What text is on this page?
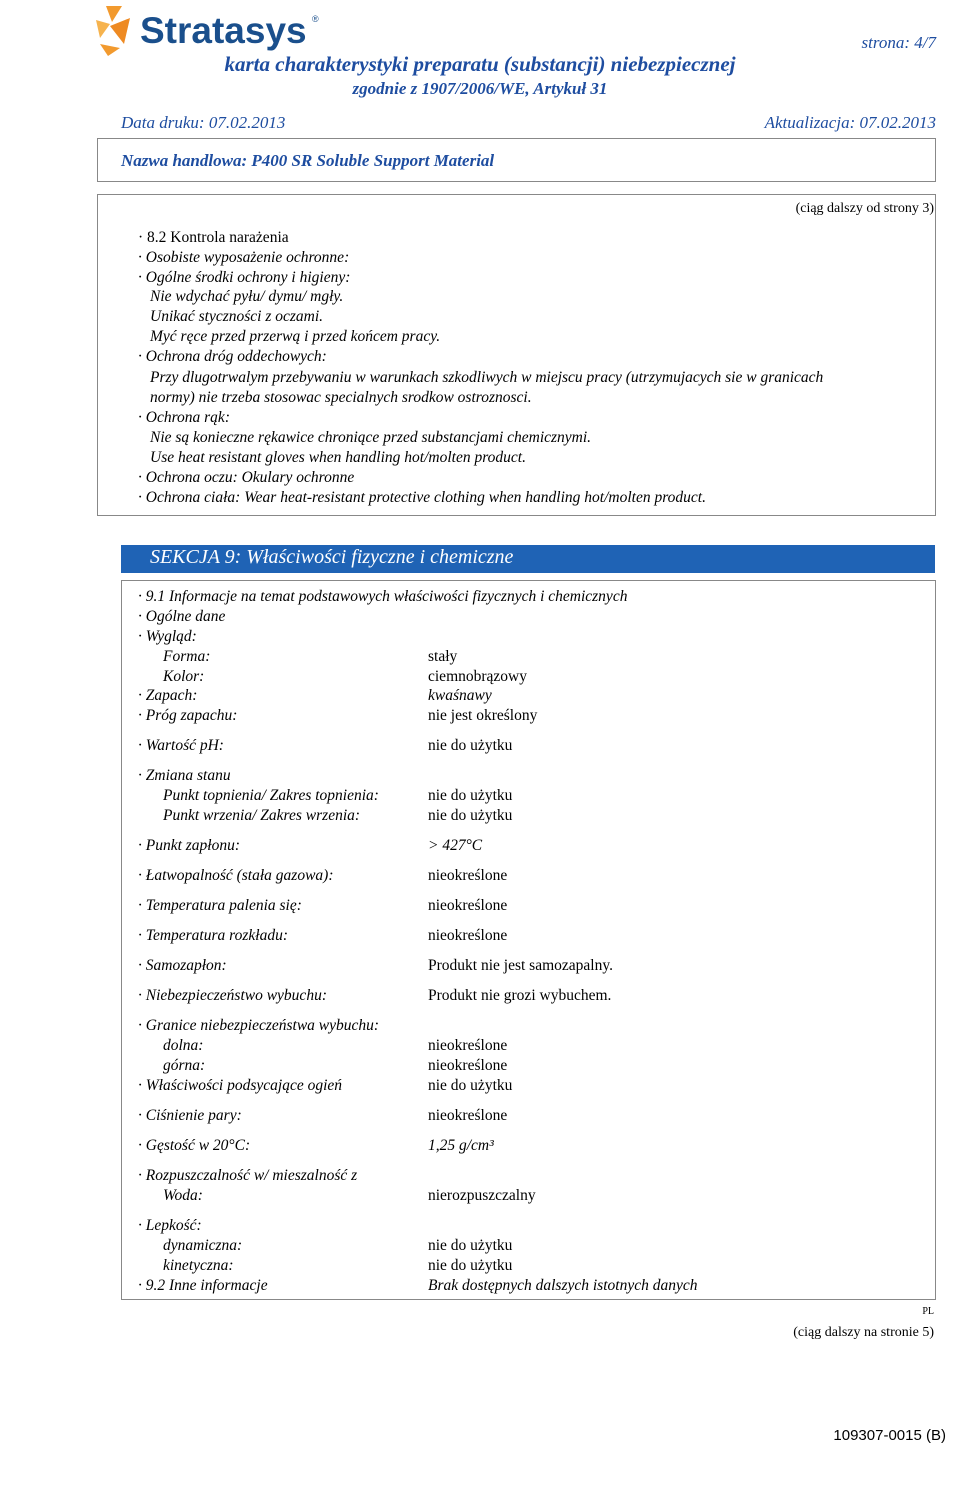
Stratasys ®
strona: 4/7
karta charakterystyki preparatu (substancji) niebezpiecznej
zgodnie z 1907/2006/WE, Artykuł 31
Data druku: 07.02.2013	Aktualizacja: 07.02.2013
Nazwa handlowa: P400 SR Soluble Support Material
(ciąg dalszy od strony 3)
· 8.2 Kontrola narażenia
· Osobiste wyposażenie ochronne:
· Ogólne środki ochrony i higieny:
Nie wdychać pyłu/ dymu/ mgły.
Unikać styczności z oczami.
Myć ręce przed przerwą i przed końcem pracy.
· Ochrona dróg oddechowych:
Przy dlugotrwalym przebywaniu w warunkach szkodliwych w miejscu pracy (utrzymujacych sie w granicach
normy) nie trzeba stosowac specialnych srodkow ostroznosci.
· Ochrona rąk:
Nie są konieczne rękawice chroniące przed substancjami chemicznymi.
Use heat resistant gloves when handling hot/molten product.
· Ochrona oczu: Okulary ochronne
· Ochrona ciała: Wear heat-resistant protective clothing when handling hot/molten product.
SEKCJA 9: Właściwości fizyczne i chemiczne
· 9.1 Informacje na temat podstawowych właściwości fizycznych i chemicznych
· Ogólne dane
· Wygląd:
Forma:	stały
Kolor:	ciemnobrązowy
· Zapach:	kwaśnawy
· Próg zapachu:	nie jest określony
· Wartość pH:	nie do użytku
· Zmiana stanu
Punkt topnienia/ Zakres topnienia:	nie do użytku
Punkt wrzenia/ Zakres wrzenia:	nie do użytku
· Punkt zapłonu:	> 427°C
· Łatwopalność (stała gazowa):	nieokreślone
· Temperatura palenia się:	nieokreślone
· Temperatura rozkładu:	nieokreślone
· Samozapłon:	Produkt nie jest samozapalny.
· Niebezpieczeństwo wybuchu:	Produkt nie grozi wybuchem.
· Granice niebezpieczeństwa wybuchu:
dolna:	nieokreślone
górna:	nieokreślone
· Właściwości podsycające ogień	nie do użytku
· Ciśnienie pary:	nieokreślone
· Gęstość w 20°C:	1,25 g/cm³
· Rozpuszczalność w/ mieszalność z
Woda:	nierozpuszczalny
· Lepkość:
dynamiczna:	nie do użytku
kinetyczna:	nie do użytku
· 9.2 Inne informacje	Brak dostępnych dalszych istotnych danych
PL
(ciąg dalszy na stronie 5)
109307-0015 (B)
